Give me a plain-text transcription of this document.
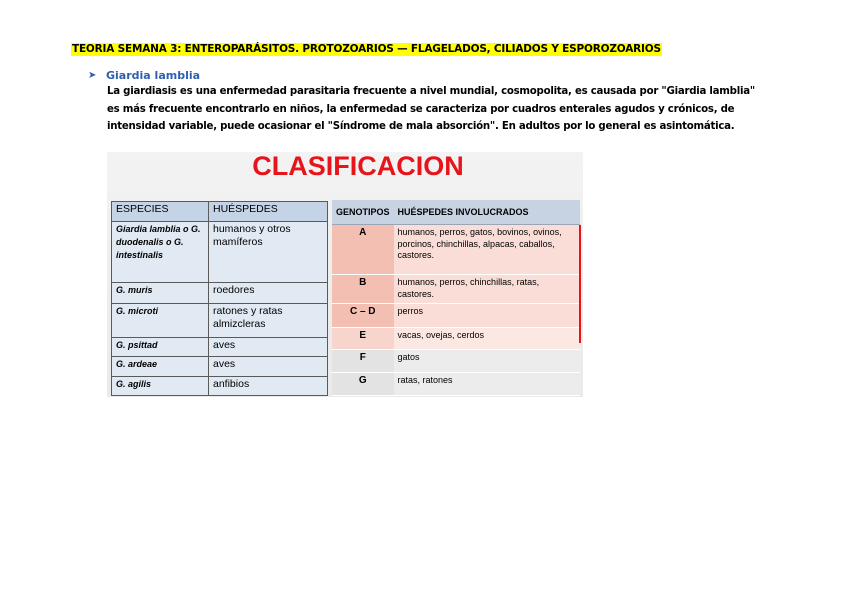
TEORIA SEMANA 3: ENTEROPARÁSITOS. PROTOZOARIOS — FLAGELADOS, CILIADOS Y ESPOROZOARIOS
➤ Giardia lamblia
La giardiasis es una enfermedad parasitaria frecuente a nivel mundial, cosmopolita, es causada por "Giardia lamblia"
es más frecuente encontrarlo en niños, la enfermedad se caracteriza por cuadros enterales agudos y crónicos, de
intensidad variable, puede ocasionar el "Síndrome de mala absorción". En adultos por lo general es asintomática.
CLASIFICACION
ESPECIES	HUÉSPEDES
Giardia lamblia o G. duodenalis o G. intestinalis	humanos y otros mamíferos
G. muris	roedores
G. microti	ratones y ratas almizcleras
G. psittad	aves
G. ardeae	aves
G. agilis	anfibios
GENOTIPOS	HUÉSPEDES INVOLUCRADOS
A	humanos, perros, gatos, bovinos, ovinos, porcinos, chinchillas, alpacas, caballos, castores.
B	humanos, perros, chinchillas, ratas, castores.
C – D	perros
E	vacas, ovejas, cerdos
F	gatos
G	ratas, ratones
